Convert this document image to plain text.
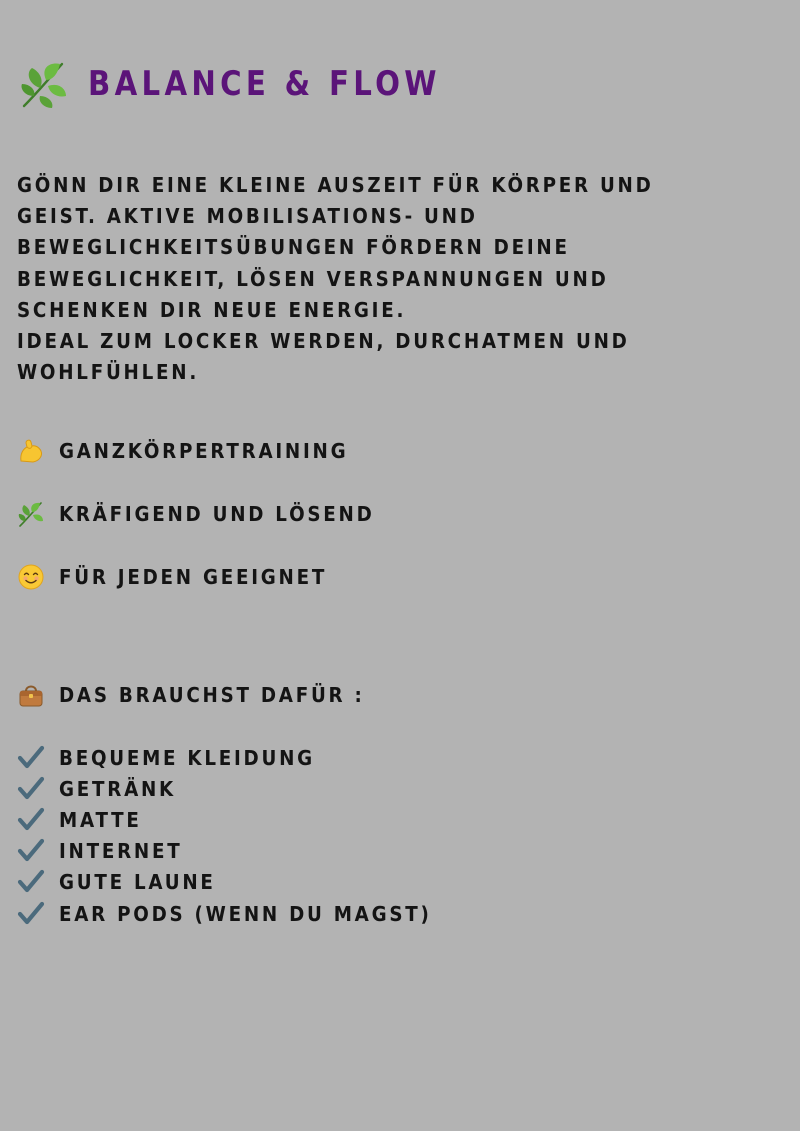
BALANCE & FLOW
GÖNN DIR EINE KLEINE AUSZEIT FÜR KÖRPER UND
GEIST. AKTIVE MOBILISATIONS- UND
BEWEGLICHKEITSÜBUNGEN FÖRDERN DEINE
BEWEGLICHKEIT, LÖSEN VERSPANNUNGEN UND
SCHENKEN DIR NEUE ENERGIE.
IDEAL ZUM LOCKER WERDEN, DURCHATMEN UND
WOHLFÜHLEN.
GANZKÖRPERTRAINING
KRÄFIGEND UND LÖSEND
FÜR JEDEN GEEIGNET
DAS BRAUCHST DAFÜR :
BEQUEME KLEIDUNG
GETRÄNK
MATTE
INTERNET
GUTE LAUNE
EAR PODS (WENN DU MAGST)
